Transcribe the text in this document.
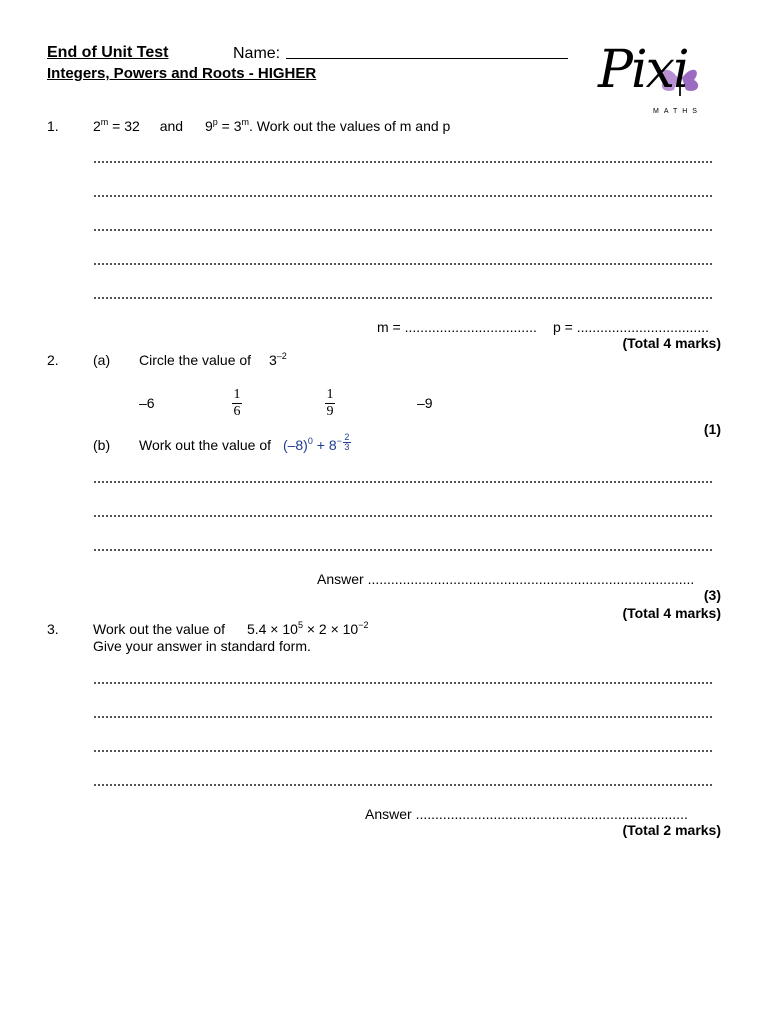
End of Unit Test	Name:
Integers, Powers and Roots - HIGHER	Pixi
MATHS
1. $2^m = 32$ and $9^p = 3^m$. Work out the values of m and p
m = .................................. p = ..................................
(Total 4 marks)
2. (a) Circle the value of $3^{-2}$
–6	$\frac{1}{6}$	$\frac{1}{9}$	–9
(1)
(b) Work out the value of $(-8)^0 + 8^- \frac{2}{3}$
Answer ....................................................................................
(3)
(Total 4 marks)
3. Work out the value of $5.4 \times 10^5 \times 2 \times 10^{-2}$
Give your answer in standard form.
Answer ......................................................................
(Total 2 marks)
